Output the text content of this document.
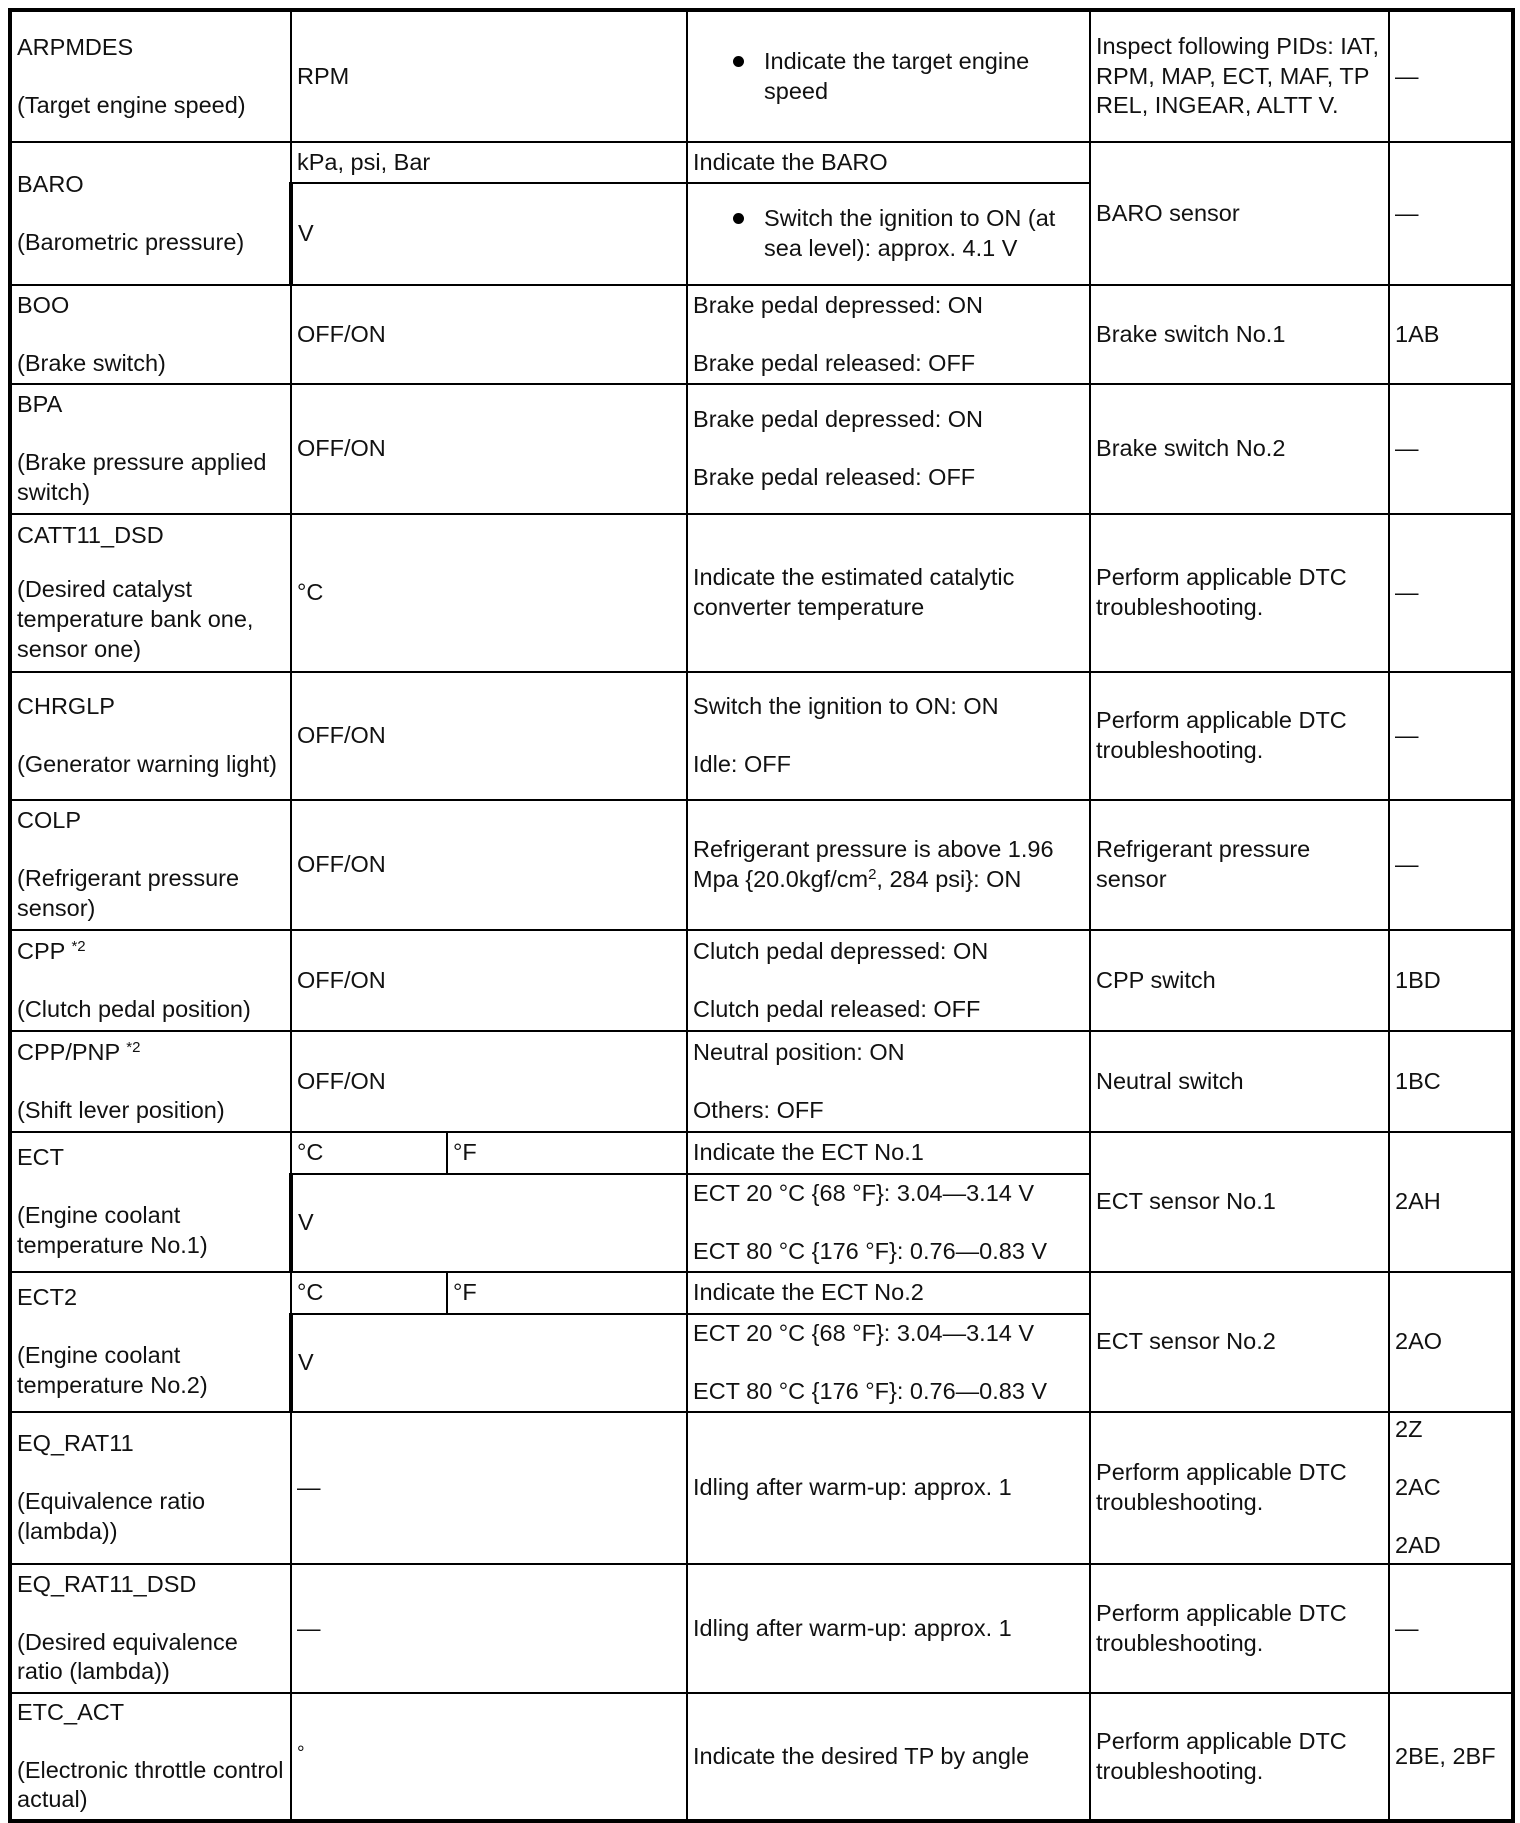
ARPMDES
(Target engine speed)	RPM		Indicate the target engine speed	Inspect following PIDs: IAT, RPM, MAP, ECT, MAF, TP REL, INGEAR, ALTT V.	—

BARO
(Barometric pressure)	kPa, psi, Bar		Indicate the BARO	BARO sensor	—
	V		Switch the ignition to ON (at sea level): approx. 4.1 V		

BOO
(Brake switch)	OFF/ON		Brake pedal depressed: ON
Brake pedal released: OFF	Brake switch No.1	1AB

BPA
(Brake pressure applied switch)	OFF/ON		Brake pedal depressed: ON
Brake pedal released: OFF	Brake switch No.2	—

CATT11_DSD
(Desired catalyst temperature bank one, sensor one)	°C		Indicate the estimated catalytic converter temperature	Perform applicable DTC troubleshooting.	—

CHRGLP
(Generator warning light)	OFF/ON		Switch the ignition to ON: ON
Idle: OFF	Perform applicable DTC troubleshooting.	—

COLP
(Refrigerant pressure sensor)	OFF/ON		Refrigerant pressure is above 1.96 Mpa {$20.0kgf/cm^2$, 284 psi}: ON	Refrigerant pressure sensor	—

CPP $^{*2}$
(Clutch pedal position)	OFF/ON		Clutch pedal depressed: ON
Clutch pedal released: OFF	CPP switch	1BD

CPP/PNP $^{*2}$
(Shift lever position)	OFF/ON		Neutral position: ON
Others: OFF	Neutral switch	1BC

ECT
(Engine coolant temperature No.1)	°C	°F	Indicate the ECT No.1	ECT sensor No.1	2AH
	V		ECT 20 °C {68 °F}: 3.04—3.14 V
ECT 80 °C {176 °F}: 0.76—0.83 V		

ECT2
(Engine coolant temperature No.2)	°C	°F	Indicate the ECT No.2	ECT sensor No.2	2AO
	V		ECT 20 °C {68 °F}: 3.04—3.14 V
ECT 80 °C {176 °F}: 0.76—0.83 V		

EQ_RAT11
(Equivalence ratio (lambda))	—		Idling after warm-up: approx. 1	Perform applicable DTC troubleshooting.	2Z
2AC
2AD

EQ_RAT11_DSD
(Desired equivalence ratio (lambda))	—		Idling after warm-up: approx. 1	Perform applicable DTC troubleshooting.	—

ETC_ACT
(Electronic throttle control actual)	°		Indicate the desired TP by angle	Perform applicable DTC troubleshooting.	2BE, 2BF
